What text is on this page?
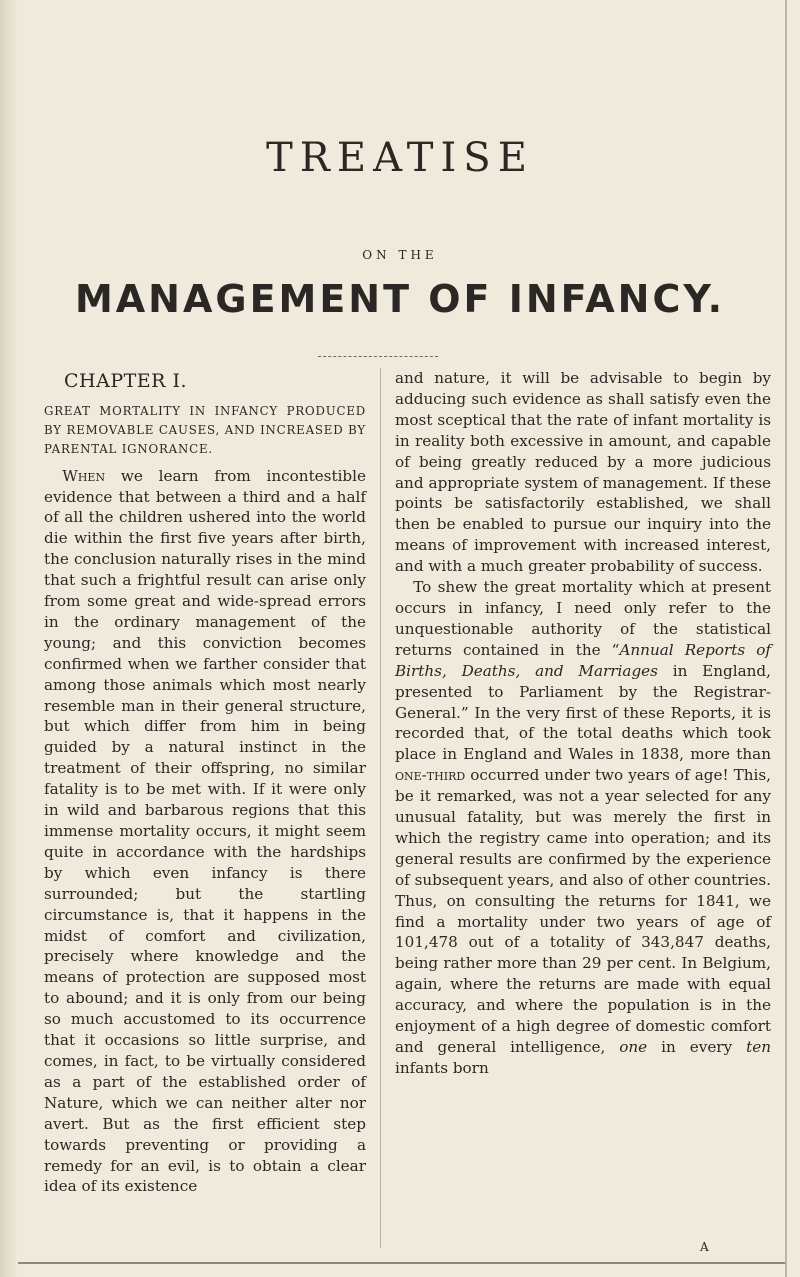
TREATISE
ON THE
MANAGEMENT OF INFANCY.
CHAPTER I.
GREAT MORTALITY IN INFANCY PRODUCED BY REMOVABLE CAUSES, AND INCREASED BY PARENTAL IGNORANCE.

When we learn from incontestible evidence that between a third and a half of all the children ushered into the world die within the first five years after birth, the conclusion naturally rises in the mind that such a frightful result can arise only from some great and wide-spread errors in the ordinary management of the young; and this conviction becomes confirmed when we farther consider that among those animals which most nearly resemble man in their general structure, but which differ from him in being guided by a natural instinct in the treatment of their offspring, no similar fatality is to be met with. If it were only in wild and barbarous regions that this immense mortality occurs, it might seem quite in accordance with the hardships by which even infancy is there surrounded; but the startling circumstance is, that it happens in the midst of comfort and civilization, precisely where knowledge and the means of protection are supposed most to abound; and it is only from our being so much accustomed to its occurrence that it occasions so little surprise, and comes, in fact, to be virtually considered as a part of the established order of Nature, which we can neither alter nor avert. But as the first efficient step towards preventing or providing a remedy for an evil, is to obtain a clear idea of its existence

and nature, it will be advisable to begin by adducing such evidence as shall satisfy even the most sceptical that the rate of infant mortality is in reality both excessive in amount, and capable of being greatly reduced by a more judicious and appropriate system of management. If these points be satisfactorily established, we shall then be enabled to pursue our inquiry into the means of improvement with increased interest, and with a much greater probability of success.

To shew the great mortality which at present occurs in infancy, I need only refer to the unquestionable authority of the statistical returns contained in the “Annual Reports of Births, Deaths, and Marriages in England, presented to Parliament by the Registrar-General.” In the very first of these Reports, it is recorded that, of the total deaths which took place in England and Wales in 1838, more than one-third occurred under two years of age! This, be it remarked, was not a year selected for any unusual fatality, but was merely the first in which the registry came into operation; and its general results are confirmed by the experience of subsequent years, and also of other countries. Thus, on consulting the returns for 1841, we find a mortality under two years of age of 101,478 out of a totality of 343,847 deaths, being rather more than 29 per cent. In Belgium, again, where the returns are made with equal accuracy, and where the population is in the enjoyment of a high degree of domestic comfort and general intelligence, one in every ten infants born

A
